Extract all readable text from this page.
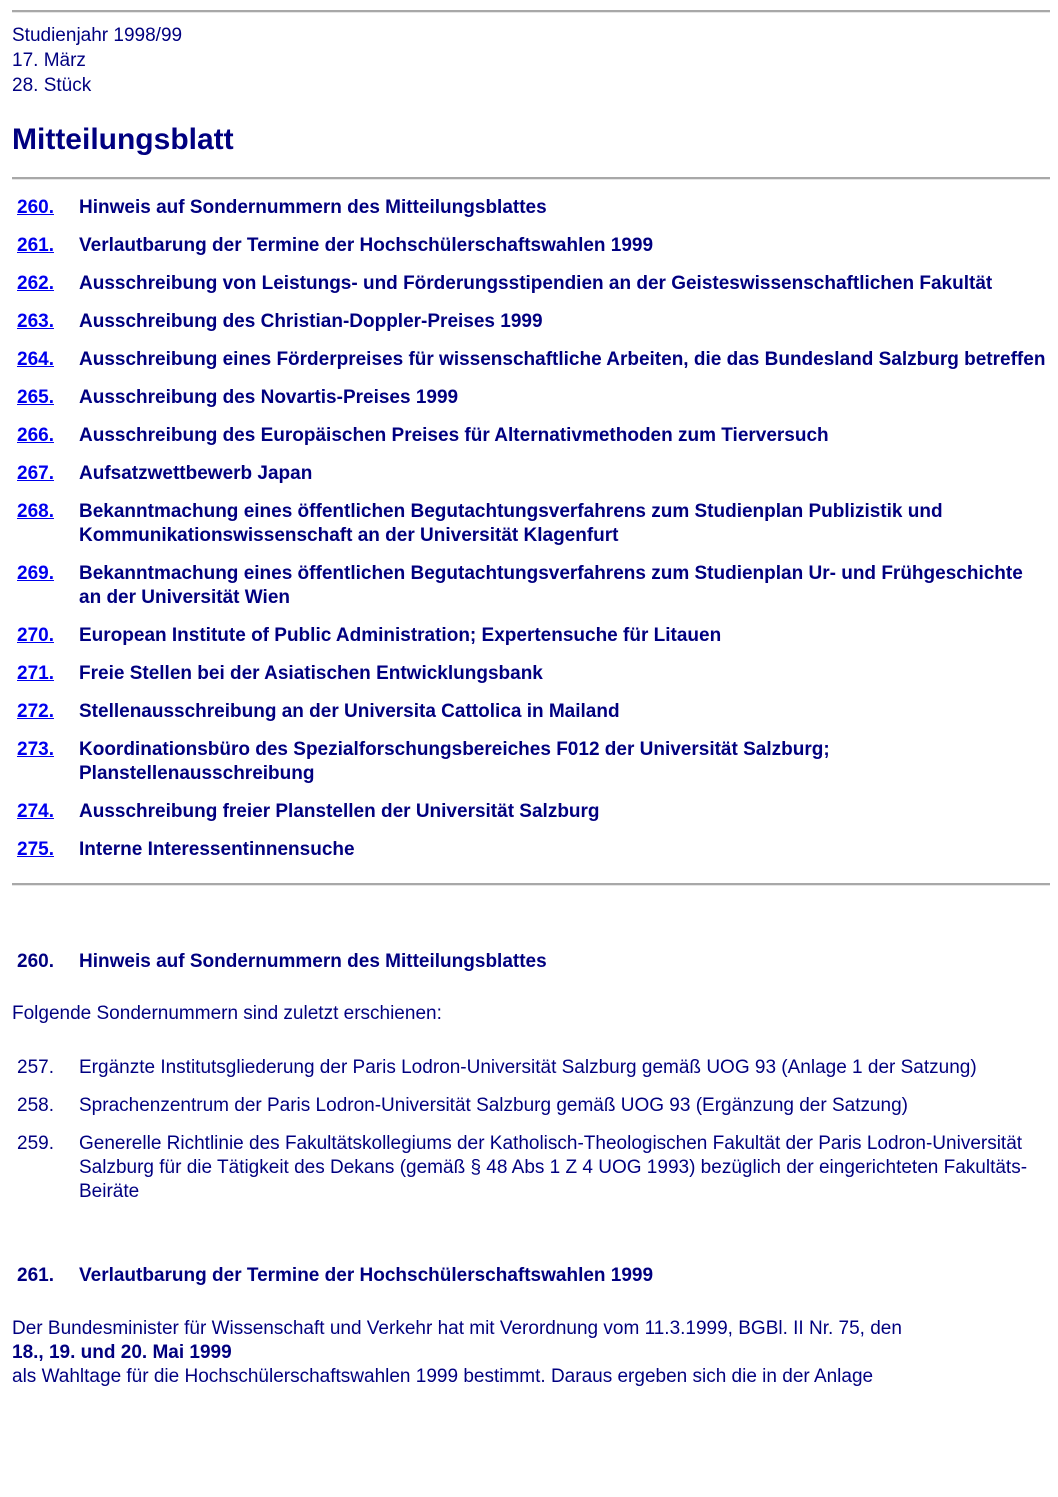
Studienjahr 1998/99
17. März
28. Stück
Mitteilungsblatt
260.	Hinweis auf Sondernummern des Mitteilungsblattes
261.	Verlautbarung der Termine der Hochschülerschaftswahlen 1999
262.	Ausschreibung von Leistungs- und Förderungsstipendien an der Geisteswissenschaftlichen Fakultät
263.	Ausschreibung des Christian-Doppler-Preises 1999
264.	Ausschreibung eines Förderpreises für wissenschaftliche Arbeiten, die das Bundesland Salzburg betreffen
265.	Ausschreibung des Novartis-Preises 1999
266.	Ausschreibung des Europäischen Preises für Alternativmethoden zum Tierversuch
267.	Aufsatzwettbewerb Japan
268.	Bekanntmachung eines öffentlichen Begutachtungsverfahrens zum Studienplan Publizistik und Kommunikationswissenschaft an der Universität Klagenfurt
269.	Bekanntmachung eines öffentlichen Begutachtungsverfahrens zum Studienplan Ur- und Frühgeschichte an der Universität Wien
270.	European Institute of Public Administration; Expertensuche für Litauen
271.	Freie Stellen bei der Asiatischen Entwicklungsbank
272.	Stellenausschreibung an der Universita Cattolica in Mailand
273.	Koordinationsbüro des Spezialforschungsbereiches F012 der Universität Salzburg; Planstellenausschreibung
274.	Ausschreibung freier Planstellen der Universität Salzburg
275.	Interne Interessentinnensuche
260.	Hinweis auf Sondernummern des Mitteilungsblattes
Folgende Sondernummern sind zuletzt erschienen:
257.	Ergänzte Institutsgliederung der Paris Lodron-Universität Salzburg gemäß UOG 93 (Anlage 1 der Satzung)
258.	Sprachenzentrum der Paris Lodron-Universität Salzburg gemäß UOG 93 (Ergänzung der Satzung)
259.	Generelle Richtlinie des Fakultätskollegiums der Katholisch-Theologischen Fakultät der Paris Lodron-Universität Salzburg für die Tätigkeit des Dekans (gemäß § 48 Abs 1 Z 4 UOG 1993) bezüglich der eingerichteten Fakultäts-Beiräte
261.	Verlautbarung der Termine der Hochschülerschaftswahlen 1999
Der Bundesminister für Wissenschaft und Verkehr hat mit Verordnung vom 11.3.1999, BGBl. II Nr. 75, den
18., 19. und 20. Mai 1999
als Wahltage für die Hochschülerschaftswahlen 1999 bestimmt. Daraus ergeben sich die in der Anlage
